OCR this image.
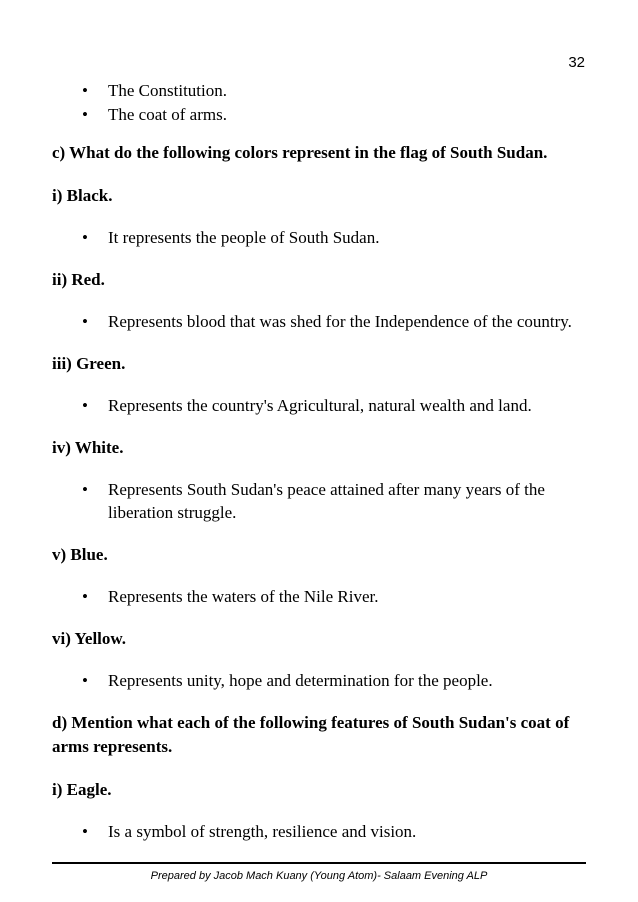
32
• The Constitution.
• The coat of arms.
c) What do the following colors represent in the flag of South Sudan.
i) Black.
• It represents the people of South Sudan.
ii) Red.
• Represents blood that was shed for the Independence of the country.
iii) Green.
• Represents the country's Agricultural, natural wealth and land.
iv) White.
• Represents South Sudan's peace attained after many years of the liberation struggle.
v) Blue.
• Represents the waters of the Nile River.
vi) Yellow.
• Represents unity, hope and determination for the people.
d) Mention what each of the following features of South Sudan's coat of arms represents.
i) Eagle.
• Is a symbol of strength, resilience and vision.
Prepared by Jacob Mach Kuany (Young Atom)- Salaam Evening ALP
